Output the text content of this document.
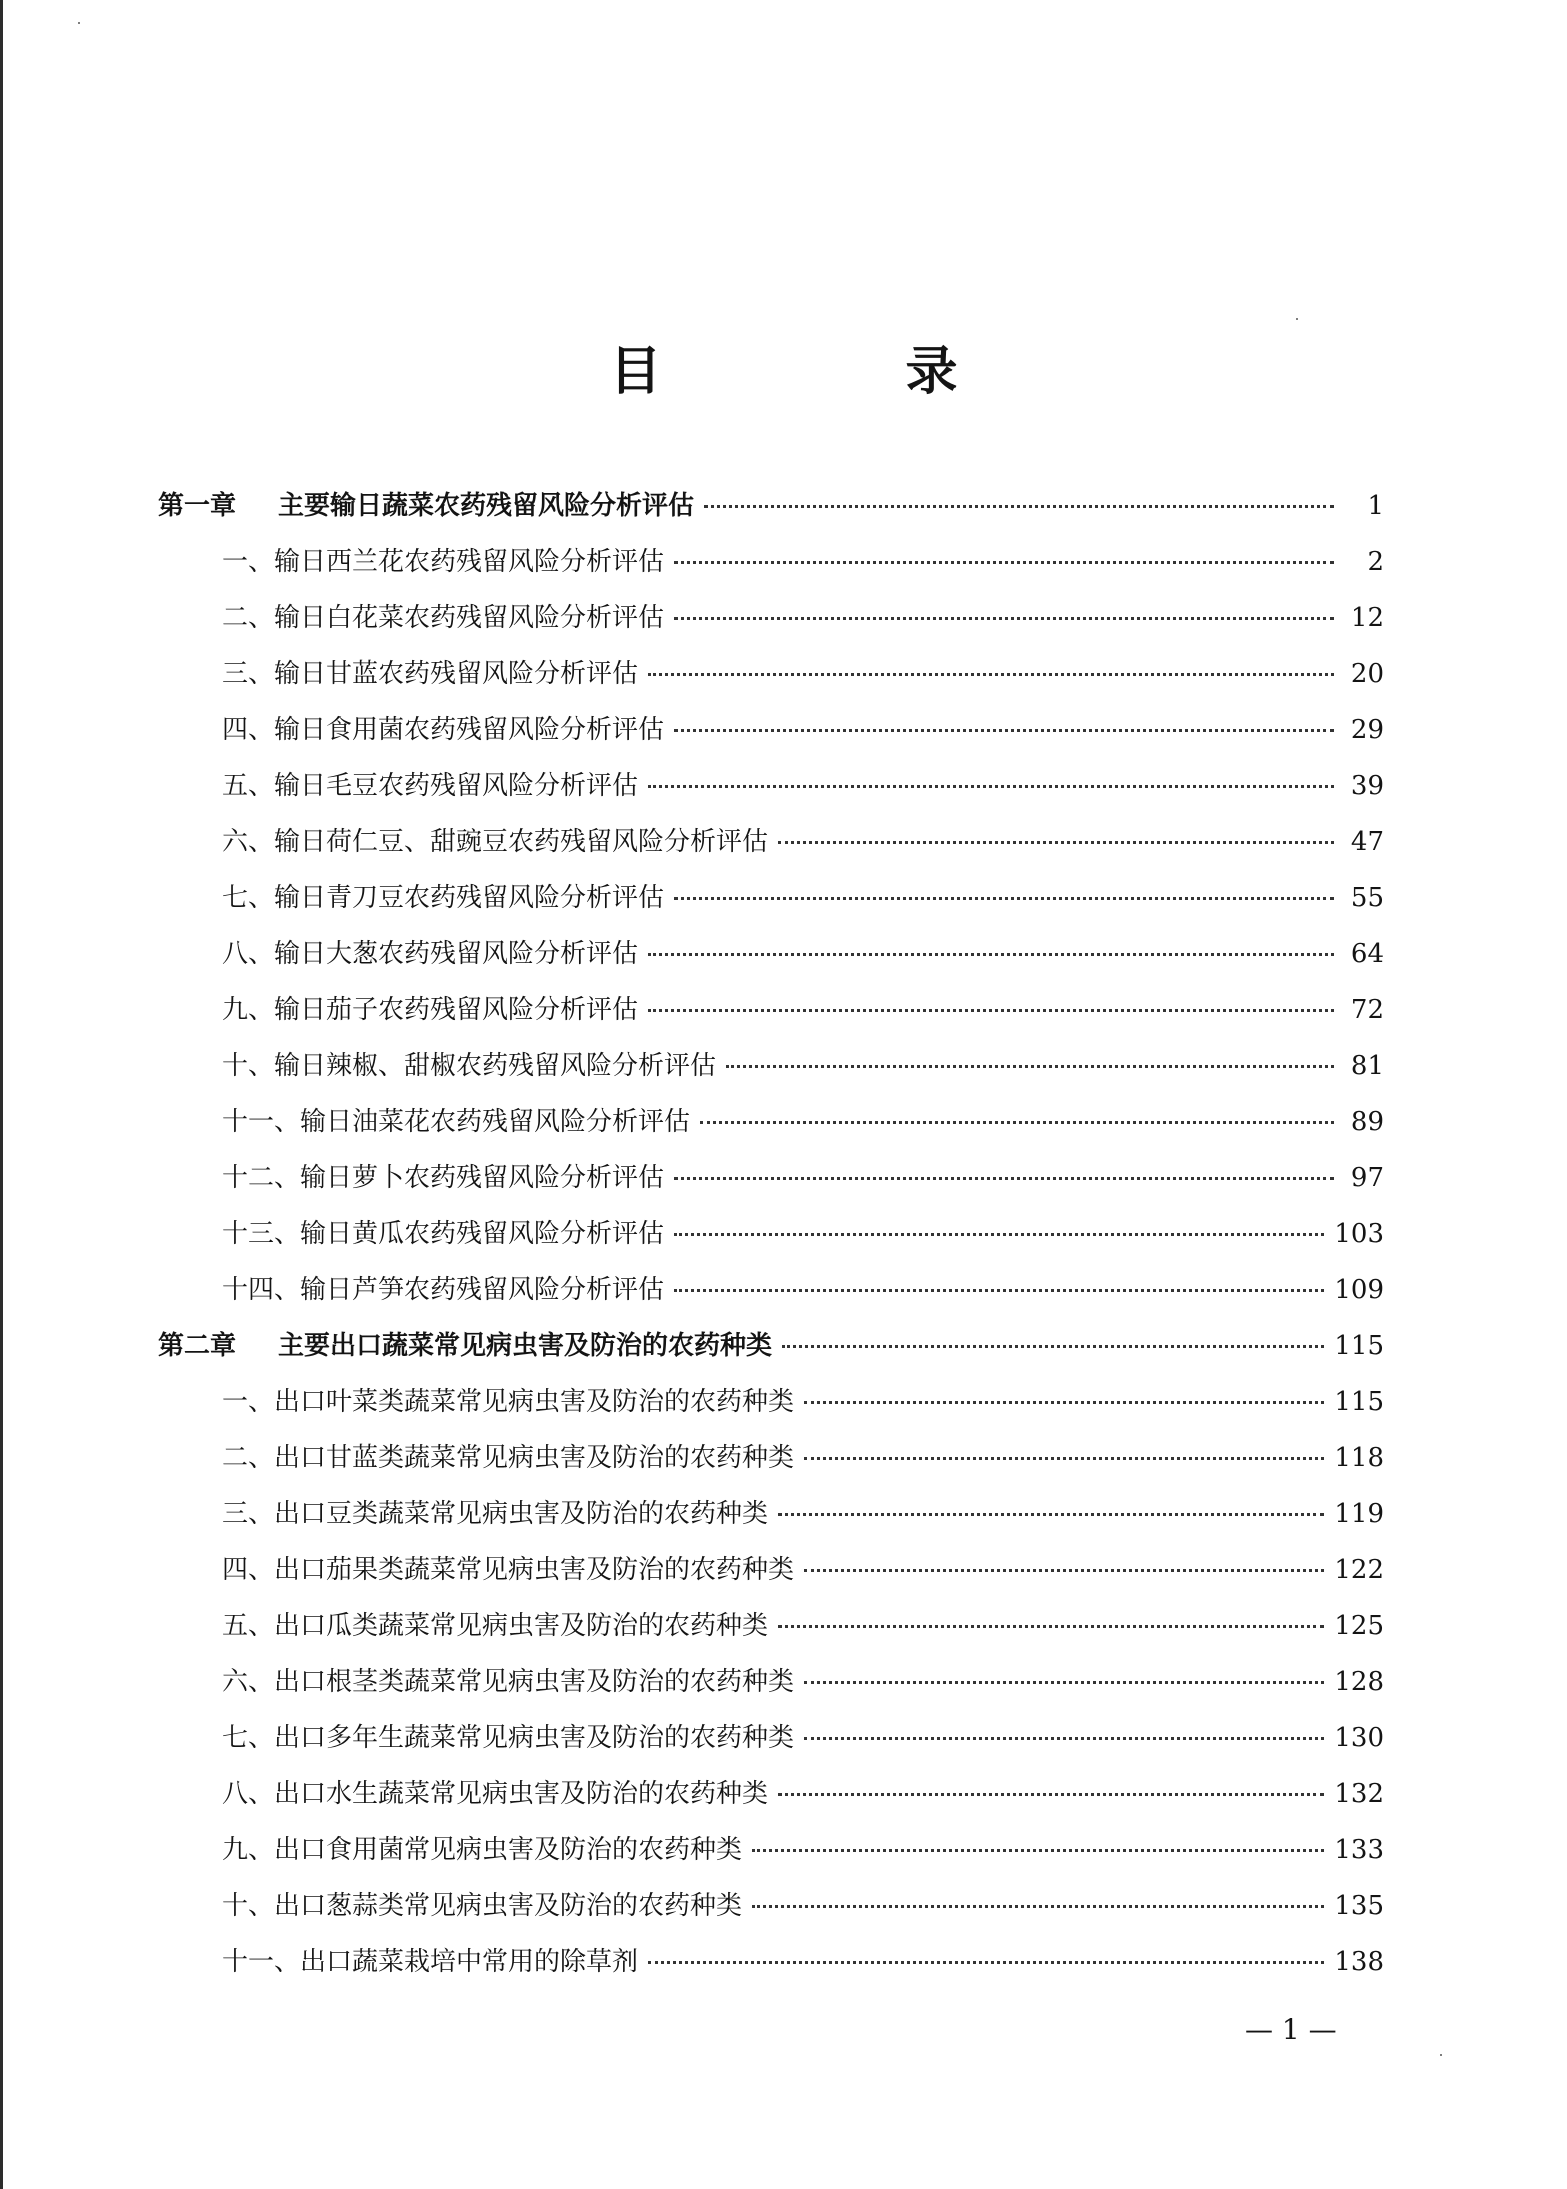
目　录
第一章	主要输日蔬菜农药残留风险分析评估	1
一、输日西兰花农药残留风险分析评估	2
二、输日白花菜农药残留风险分析评估	12
三、输日甘蓝农药残留风险分析评估	20
四、输日食用菌农药残留风险分析评估	29
五、输日毛豆农药残留风险分析评估	39
六、输日荷仁豆、甜豌豆农药残留风险分析评估	47
七、输日青刀豆农药残留风险分析评估	55
八、输日大葱农药残留风险分析评估	64
九、输日茄子农药残留风险分析评估	72
十、输日辣椒、甜椒农药残留风险分析评估	81
十一、输日油菜花农药残留风险分析评估	89
十二、输日萝卜农药残留风险分析评估	97
十三、输日黄瓜农药残留风险分析评估	103
十四、输日芦笋农药残留风险分析评估	109
第二章	主要出口蔬菜常见病虫害及防治的农药种类	115
一、出口叶菜类蔬菜常见病虫害及防治的农药种类	115
二、出口甘蓝类蔬菜常见病虫害及防治的农药种类	118
三、出口豆类蔬菜常见病虫害及防治的农药种类	119
四、出口茄果类蔬菜常见病虫害及防治的农药种类	122
五、出口瓜类蔬菜常见病虫害及防治的农药种类	125
六、出口根茎类蔬菜常见病虫害及防治的农药种类	128
七、出口多年生蔬菜常见病虫害及防治的农药种类	130
八、出口水生蔬菜常见病虫害及防治的农药种类	132
九、出口食用菌常见病虫害及防治的农药种类	133
十、出口葱蒜类常见病虫害及防治的农药种类	135
十一、出口蔬菜栽培中常用的除草剂	138
— 1 —
